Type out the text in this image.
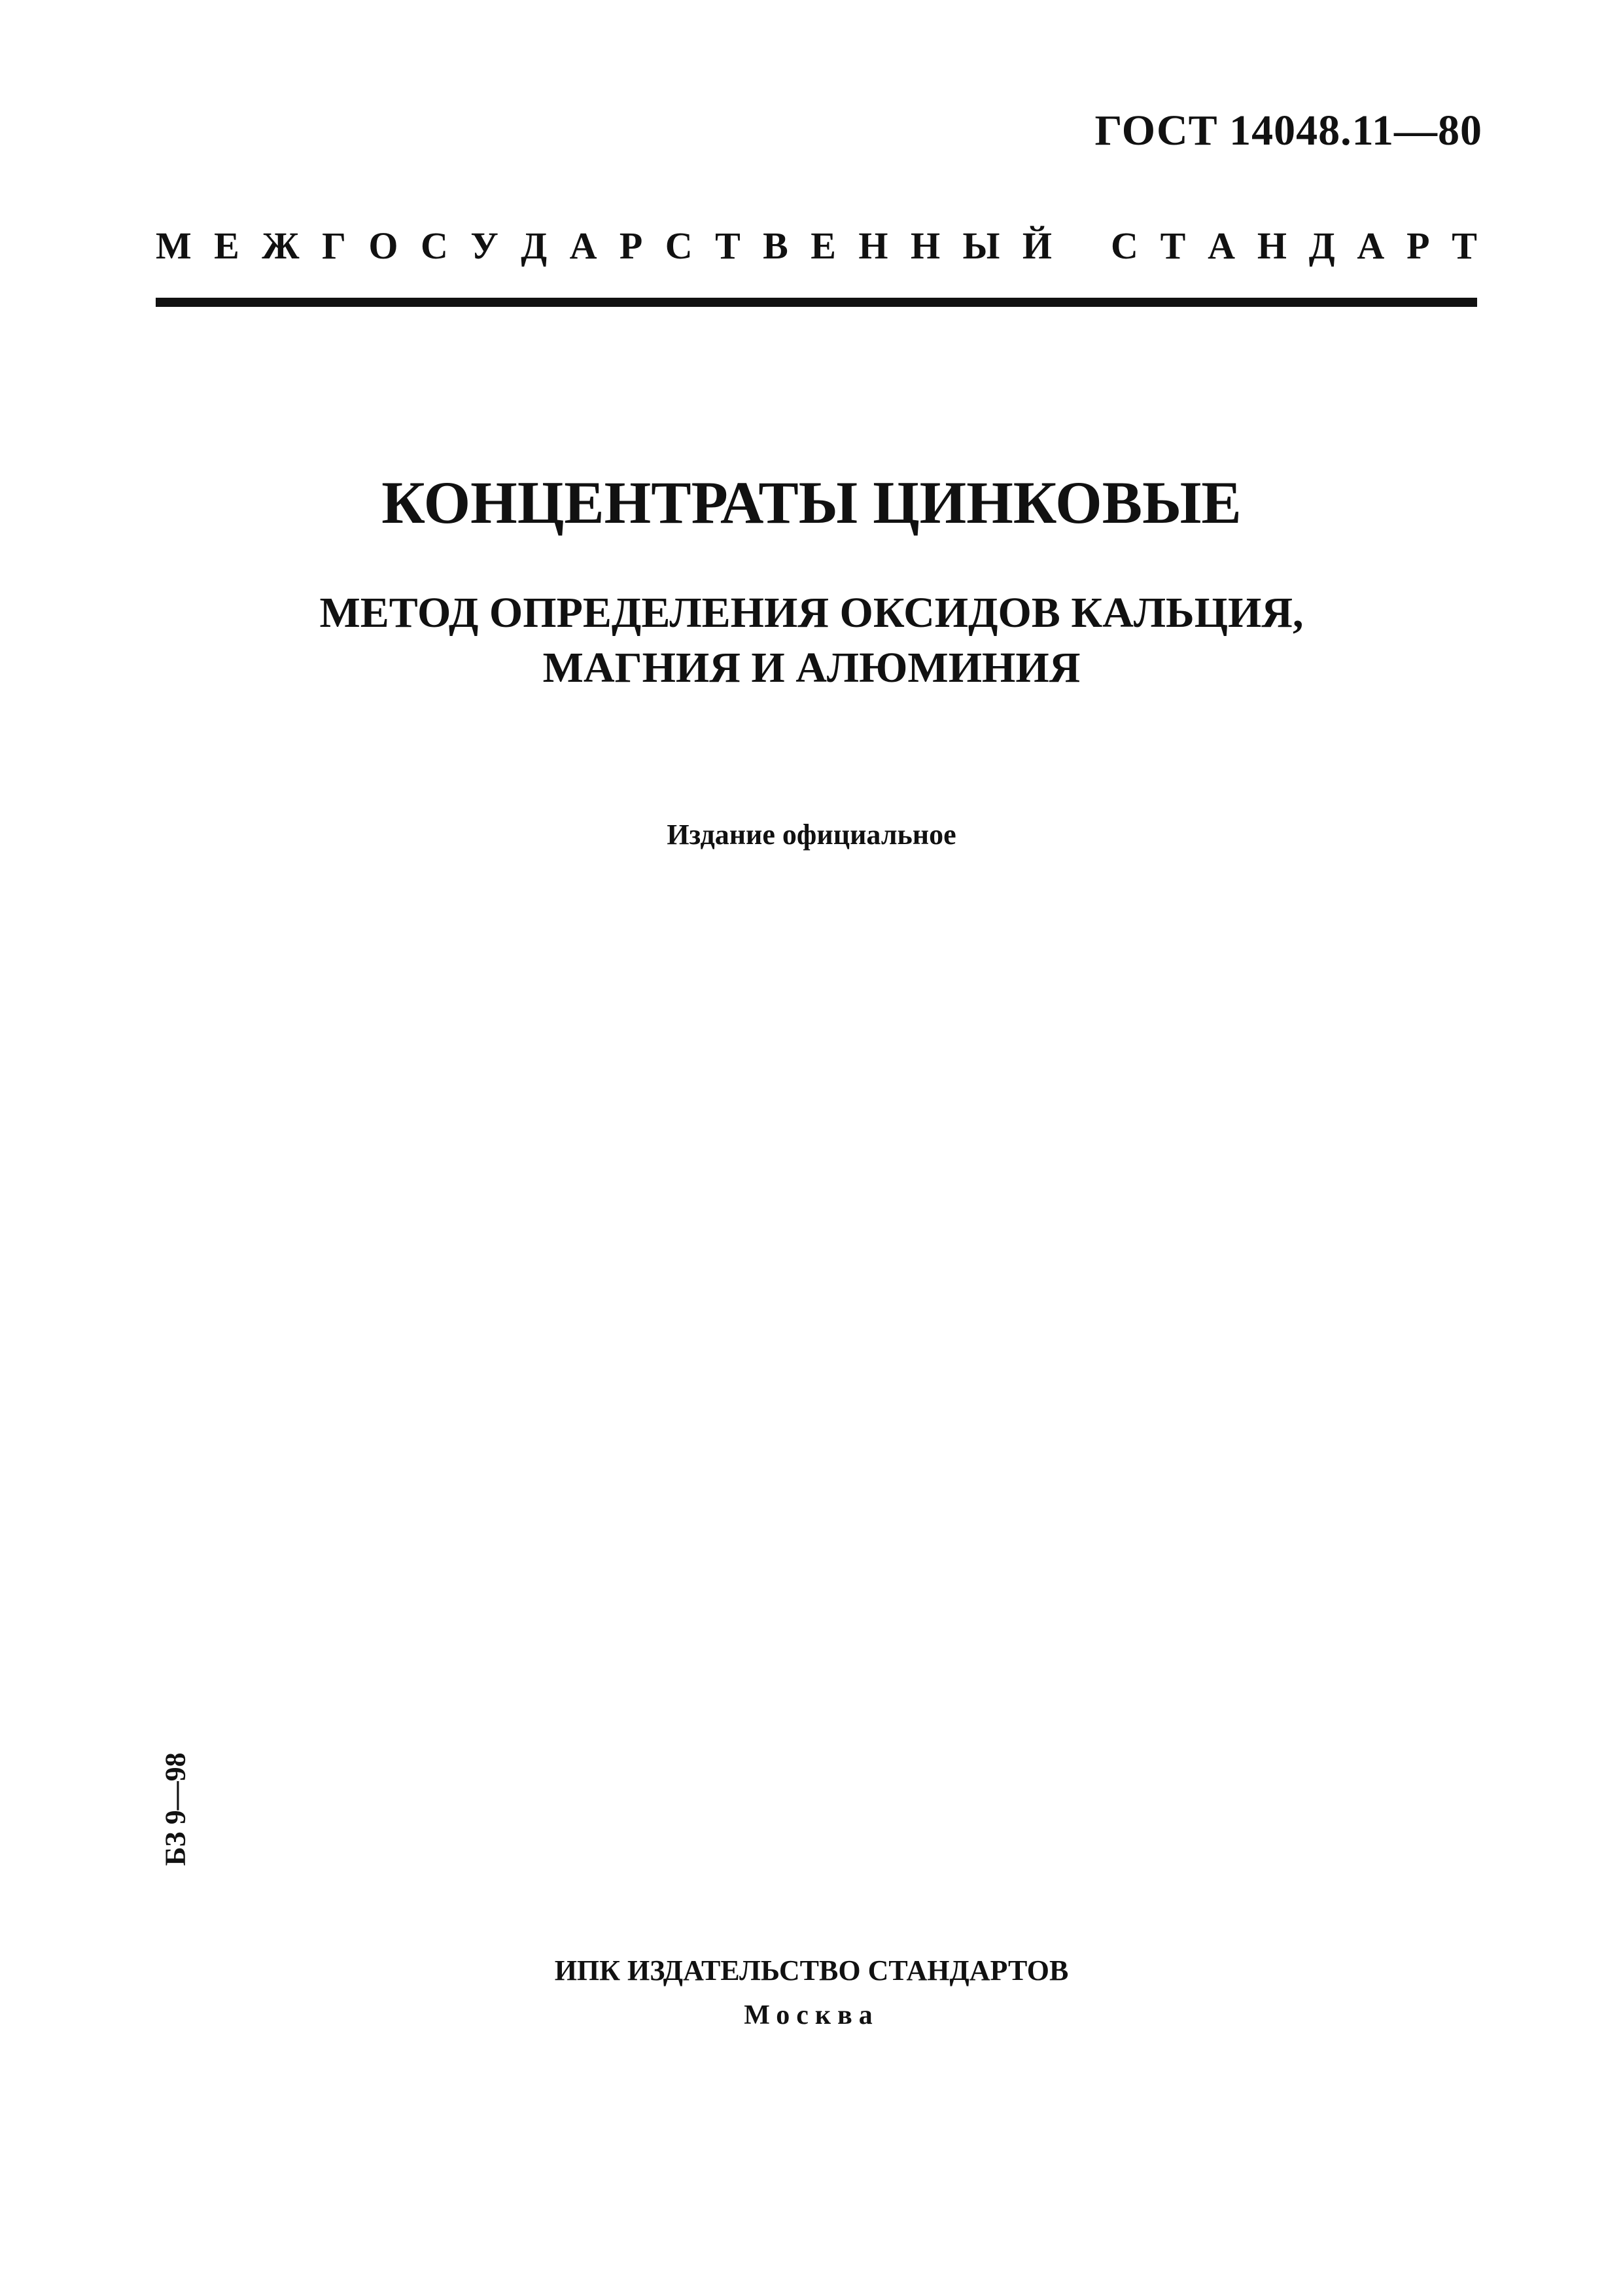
ГОСТ 14048.11—80
М Е Ж Г О С У Д А Р С Т В Е Н Н Ы Й С Т А Н Д А Р Т
КОНЦЕНТРАТЫ ЦИНКОВЫЕ
МЕТОД ОПРЕДЕЛЕНИЯ ОКСИДОВ КАЛЬЦИЯ,
МАГНИЯ И АЛЮМИНИЯ
Издание официальное
БЗ 9—98
ИПК ИЗДАТЕЛЬСТВО СТАНДАРТОВ
Москва
